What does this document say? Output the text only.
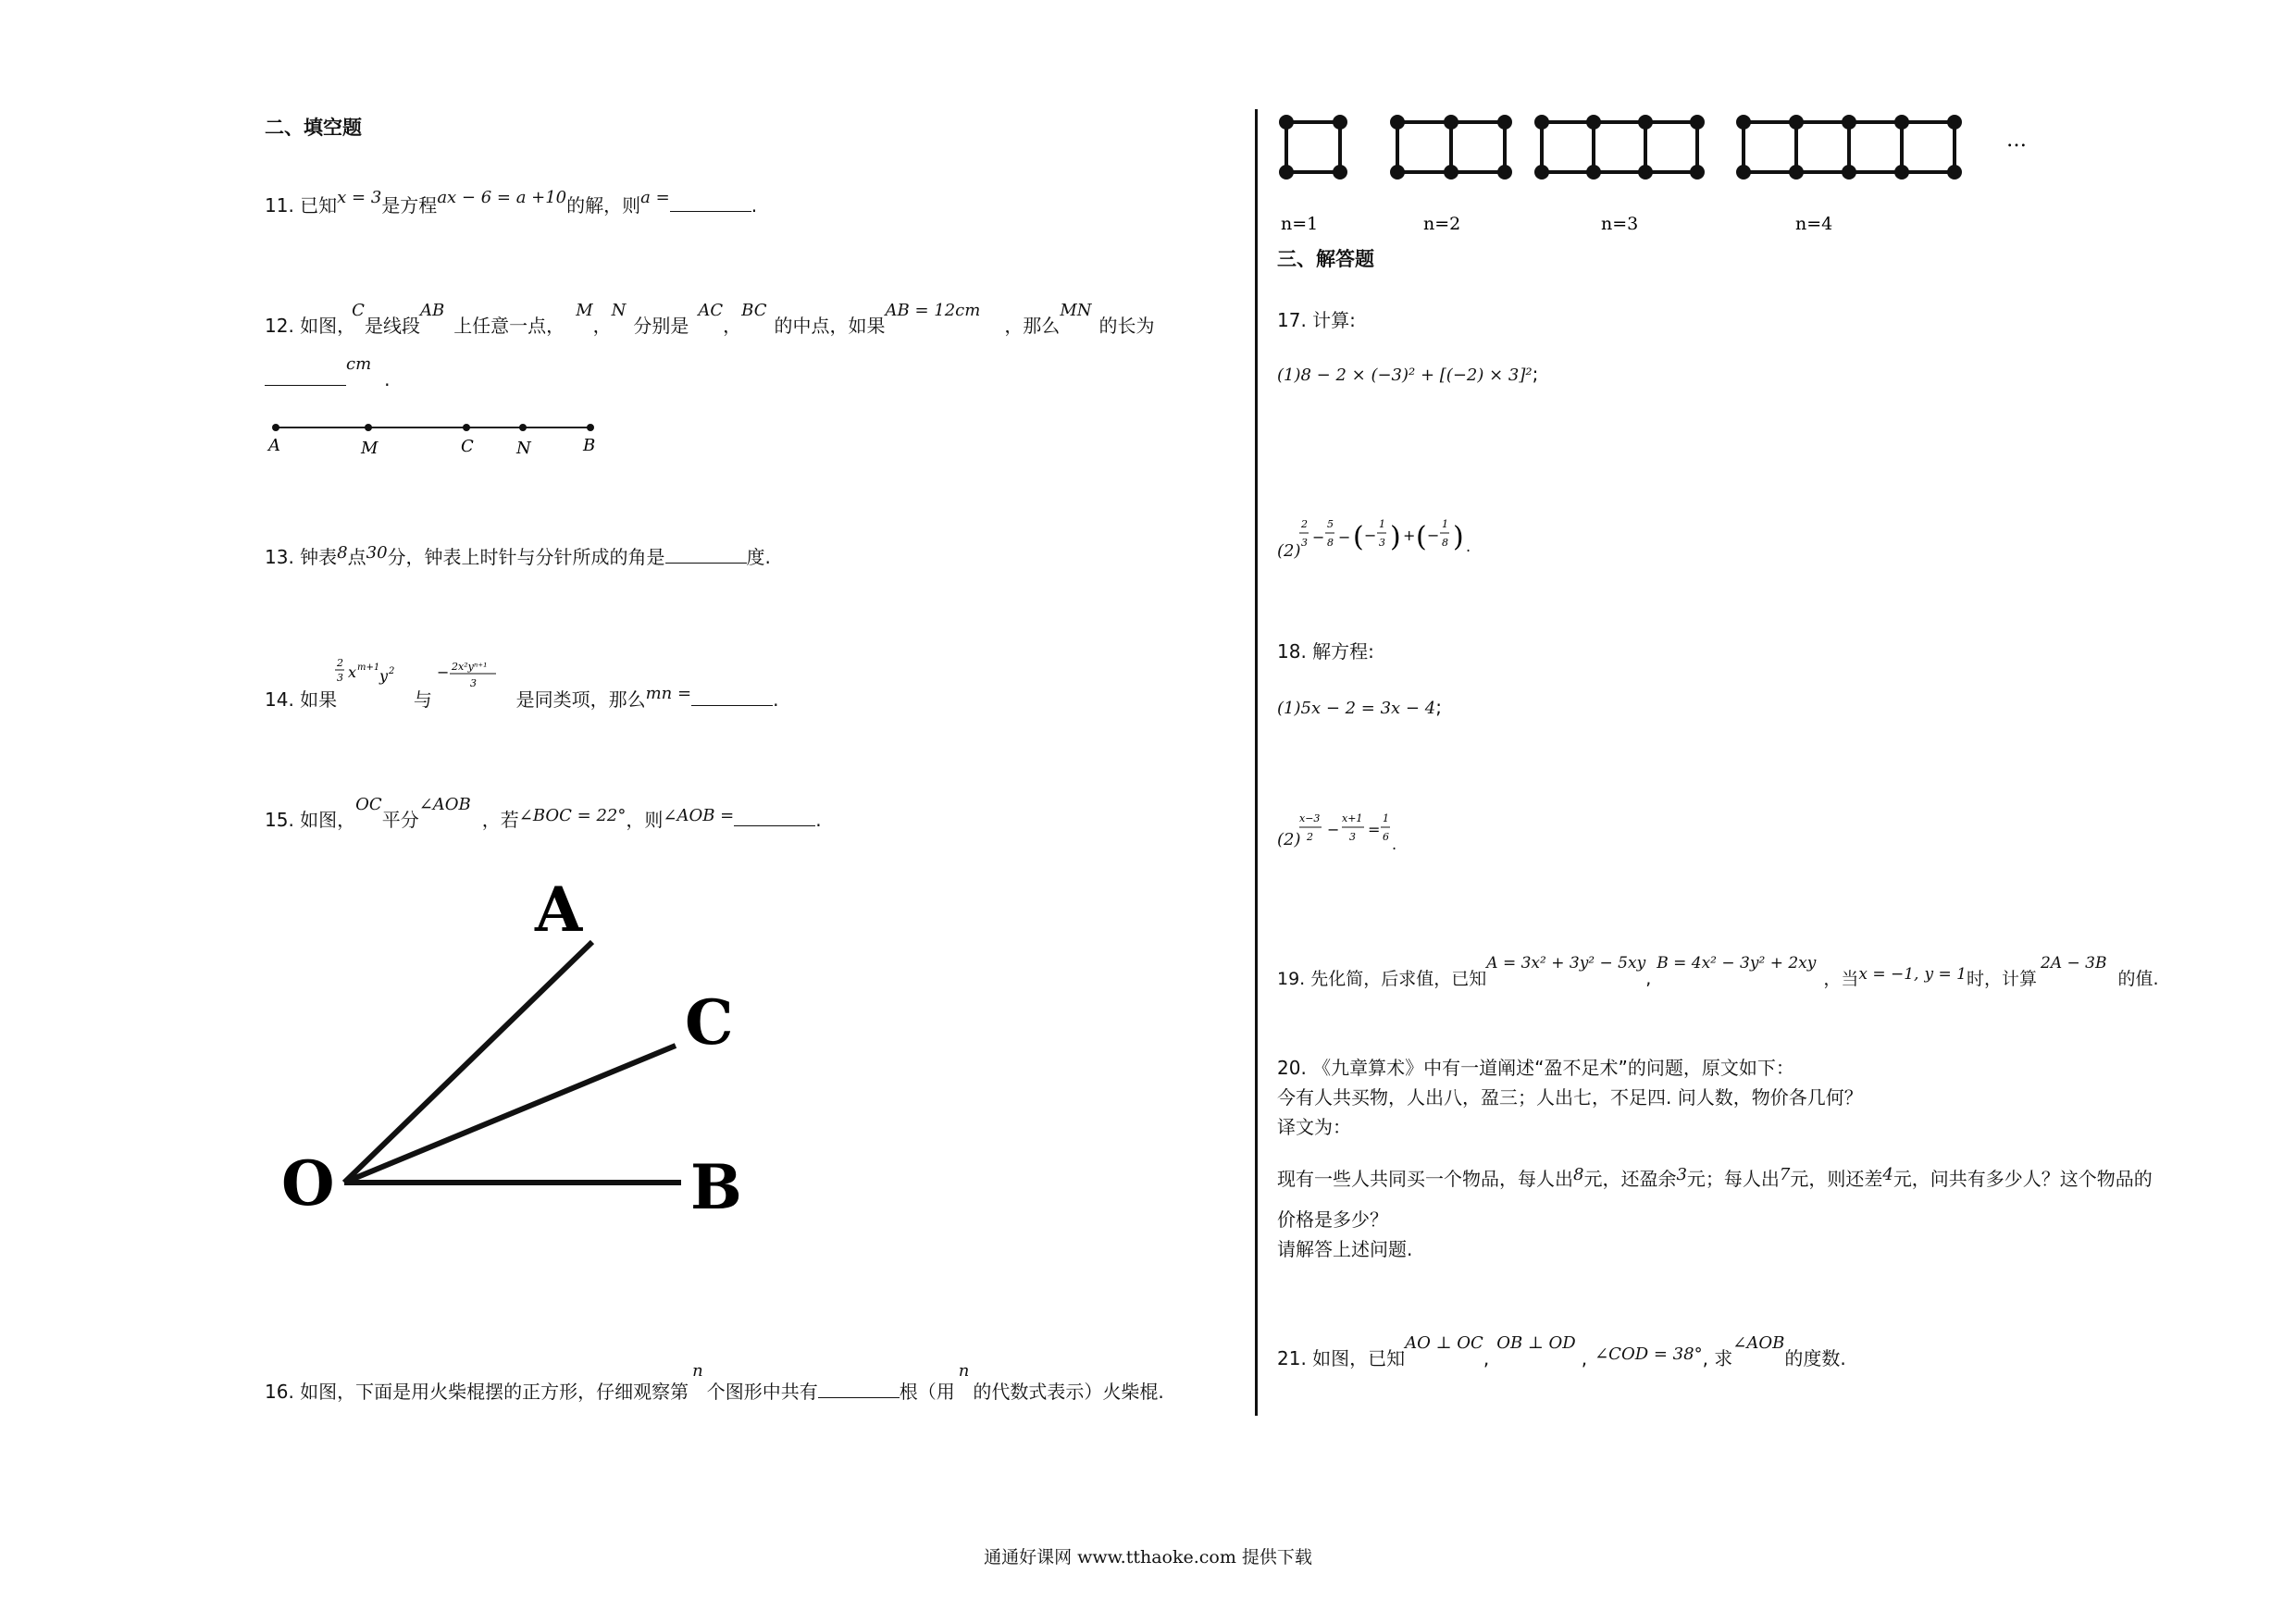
二、填空题
11. 已知x = 3是方程ax − 6 = a +10的解，则a =	.
12. 如图，C是线段AB上任意一点，M，N分别是AC，BC的中点，如果AB = 12cm，那么MN的长为
cm.
A	M	C	N	B
13. 钟表8点30分，钟表上时针与分针所成的角是	度.
14. 如果	与	是同类项，那么mn =	.
2
3 x m+1 y 2	− 2x²yⁿ⁺¹
3
15. 如图，OC平分∠AOB，若∠BOC = 22°，则∠AOB =	.
A
C
O	B
16. 如图，下面是用火柴棍摆的正方形，仔细观察第n个图形中共有	根（用n的代数式表示）火柴棍.
…
n=1	n=2	n=3	n=4
三、解答题
17. 计算:
(1)8 − 2 × (−3)² + [(−2) × 3]²;
(2)
2
3 −
5
8 − ( −
1
3 ) + ( −
1
8 ) .
18. 解方程:
(1)5x − 2 = 3x − 4;
(2)
x−3
2 −
x+1
3 =
1
6 .
19. 先化简，后求值，已知A = 3x² + 3y² − 5xy,B = 4x² − 3y² + 2xy，当x = −1, y = 1时，计算2A − 3B的值.
20. 《九章算术》中有一道阐述“盈不足术”的问题，原文如下：
今有人共买物，人出八，盈三；人出七，不足四. 问人数，物价各几何？
译文为：
现有一些人共同买一个物品，每人出8元，还盈余3元；每人出7元，则还差4元，问共有多少人？这个物品的
价格是多少？
请解答上述问题.
21. 如图，已知AO ⊥ OC,OB ⊥ OD, ∠COD = 38°, 求∠AOB的度数.
通通好课网 www.tthaoke.com 提供下载
